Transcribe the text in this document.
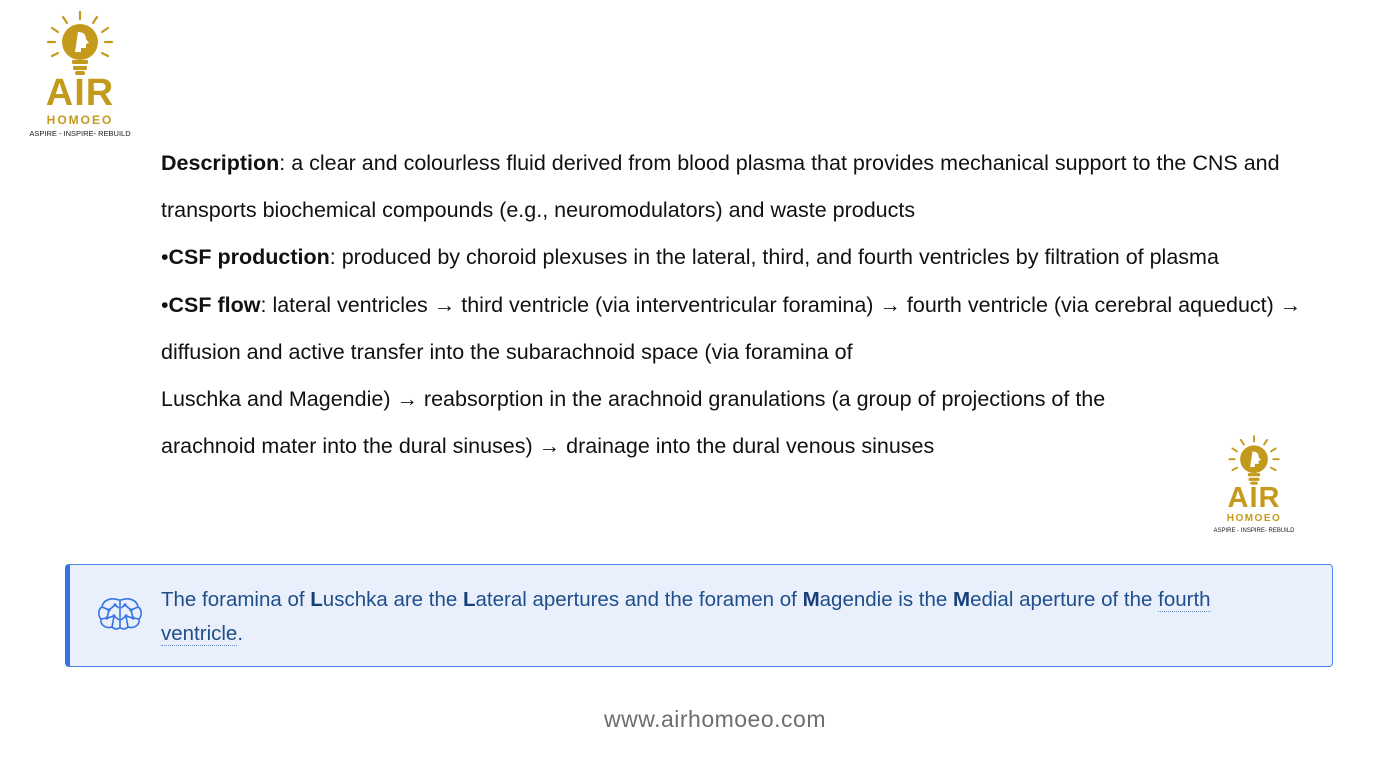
AIR
HOMOEO
ASPIRE - INSPIRE- REBUILD

Description: a clear and colourless fluid derived from blood plasma that provides mechanical support to the CNS and transports biochemical compounds (e.g., neuromodulators) and waste products

•CSF production: produced by choroid plexuses in the lateral, third, and fourth ventricles by filtration of plasma

•CSF flow: lateral ventricles → third ventricle (via interventricular foramina) → fourth ventricle (via cerebral aqueduct) → diffusion and active transfer into the subarachnoid space (via foramina of

Luschka and Magendie) → reabsorption in the arachnoid granulations (a group of projections of the arachnoid mater into the dural sinuses) → drainage into the dural venous sinuses

AIR
HOMOEO
ASPIRE - INSPIRE- REBUILD
The foramina of Luschka are the Lateral apertures and the foramen of Magendie is the Medial aperture of the fourth ventricle.
www.airhomoeo.com
